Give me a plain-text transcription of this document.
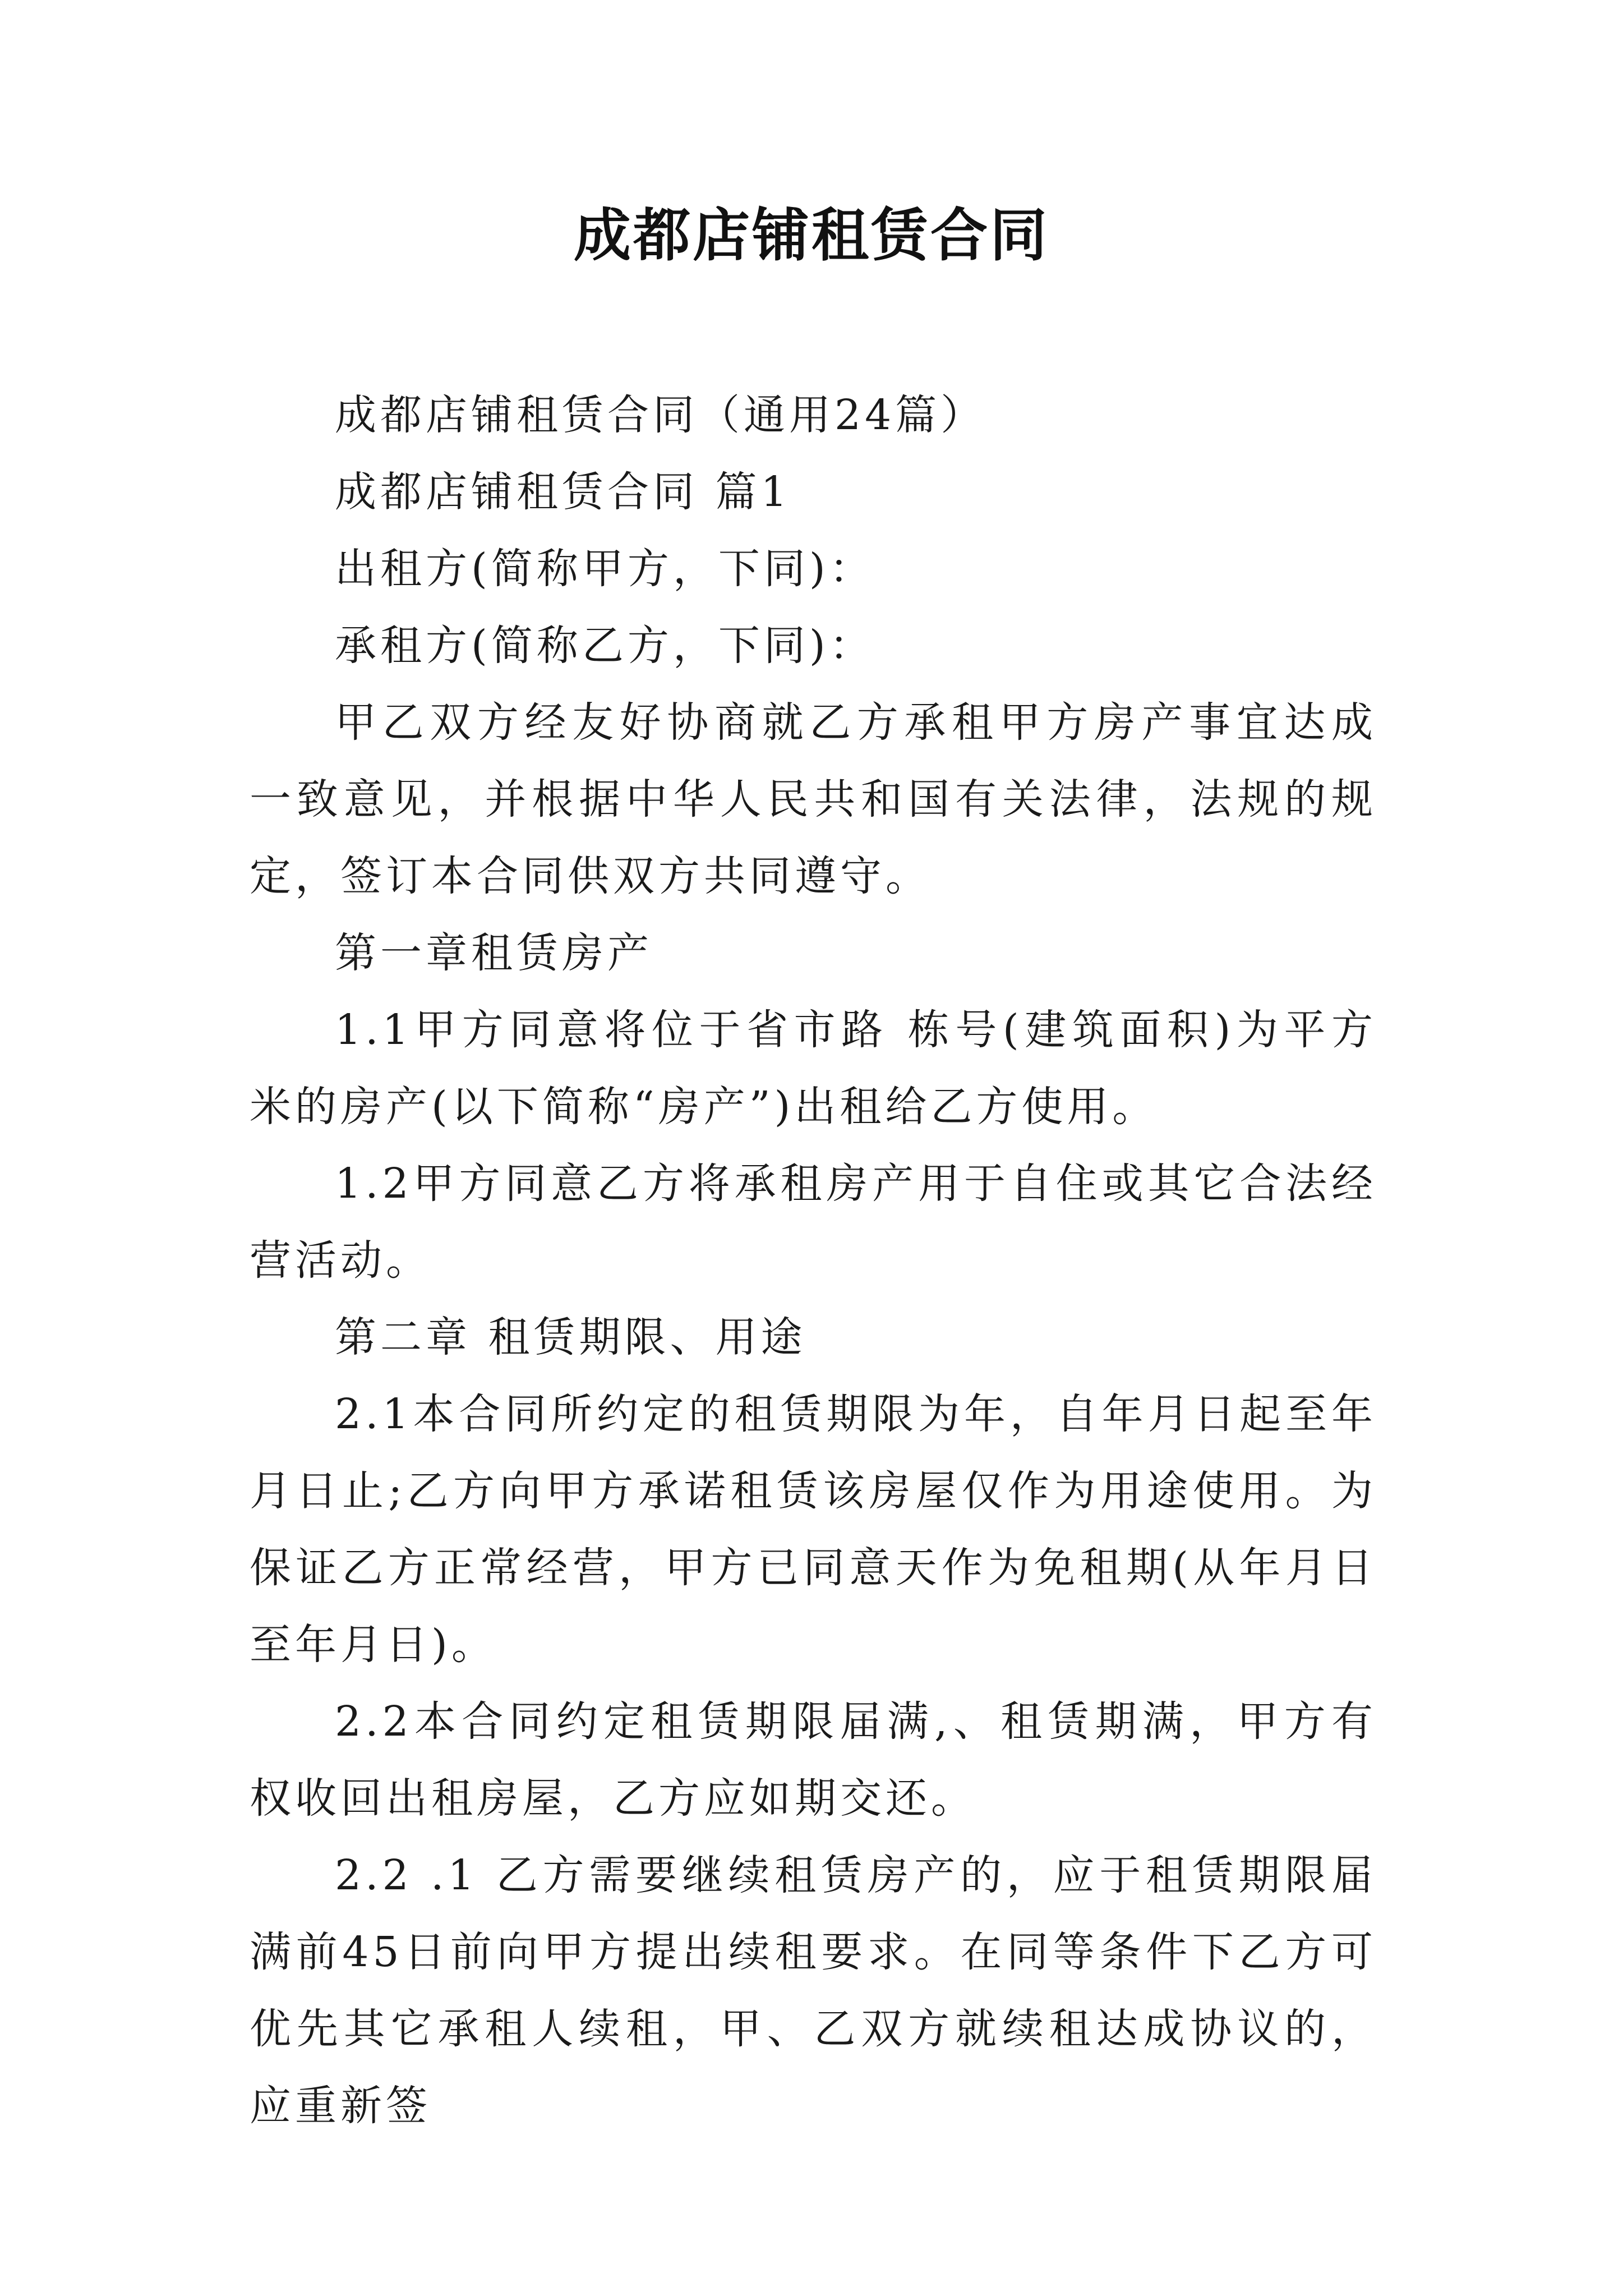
成都店铺租赁合同

成都店铺租赁合同（通用24篇）

成都店铺租赁合同 篇1

出租方(简称甲方，下同)：

承租方(简称乙方，下同)：

甲乙双方经友好协商就乙方承租甲方房产事宜达成一致意见，并根据中华人民共和国有关法律，法规的规定，签订本合同供双方共同遵守。

第一章租赁房产

1.1甲方同意将位于省市路 栋号(建筑面积)为平方米的房产(以下简称“房产”)出租给乙方使用。

1.2甲方同意乙方将承租房产用于自住或其它合法经营活动。

第二章 租赁期限、用途

2.1本合同所约定的租赁期限为年，自年月日起至年 月日止;乙方向甲方承诺租赁该房屋仅作为用途使用。为保证乙方正常经营，甲方已同意天作为免租期(从年月日至年月日)。

2.2本合同约定租赁期限届满,、租赁期满，甲方有权收回出租房屋，乙方应如期交还。

2.2 .1 乙方需要继续租赁房产的，应于租赁期限届满前45日前向甲方提出续租要求。在同等条件下乙方可优先其它承租人续租，甲、乙双方就续租达成协议的，应重新签
